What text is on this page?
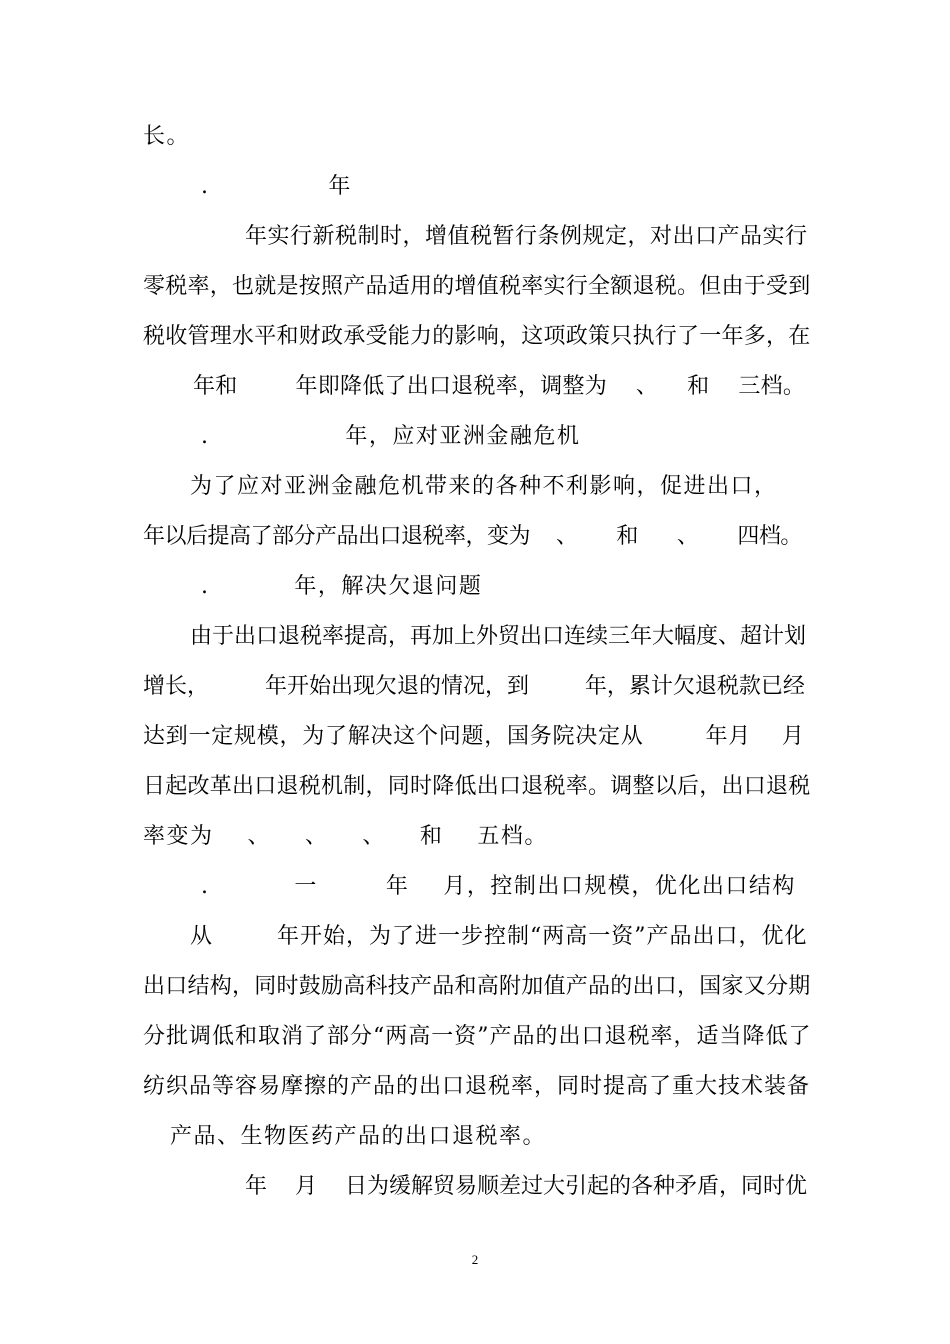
长。
.              年
年实行新税制时，增值税暂行条例规定，对出口产品实行
零税率，也就是按照产品适用的增值税率实行全额退税。但由于受到
税收管理水平和财政承受能力的影响，这项政策只执行了一年多，在
年和        年即降低了出口退税率，调整为    、    和    三档。
.                年，应对亚洲金融危机
为了应对亚洲金融危机带来的各种不利影响，促进出口，
年以后提高了部分产品出口退税率，变为    、      和      、      四档。
.          年，解决欠退问题
由于出口退税率提高，再加上外贸出口连续三年大幅度、超计划
增长，        年开始出现欠退的情况，到        年，累计欠退税款已经
达到一定规模，为了解决这个问题，国务院决定从        年月    月
日起改革出口退税机制，同时降低出口退税率。调整以后，出口退税
率变为    、    、    、    和    五档。
.          一        年    月，控制出口规模，优化出口结构
从        年开始，为了进一步控制“两高一资”产品出口，优化
出口结构，同时鼓励高科技产品和高附加值产品的出口，国家又分期
分批调低和取消了部分“两高一资”产品的出口退税率，适当降低了
纺织品等容易摩擦的产品的出口退税率，同时提高了重大技术装备
产品、生物医药产品的出口退税率。
年    月    日为缓解贸易顺差过大引起的各种矛盾，同时优
2
